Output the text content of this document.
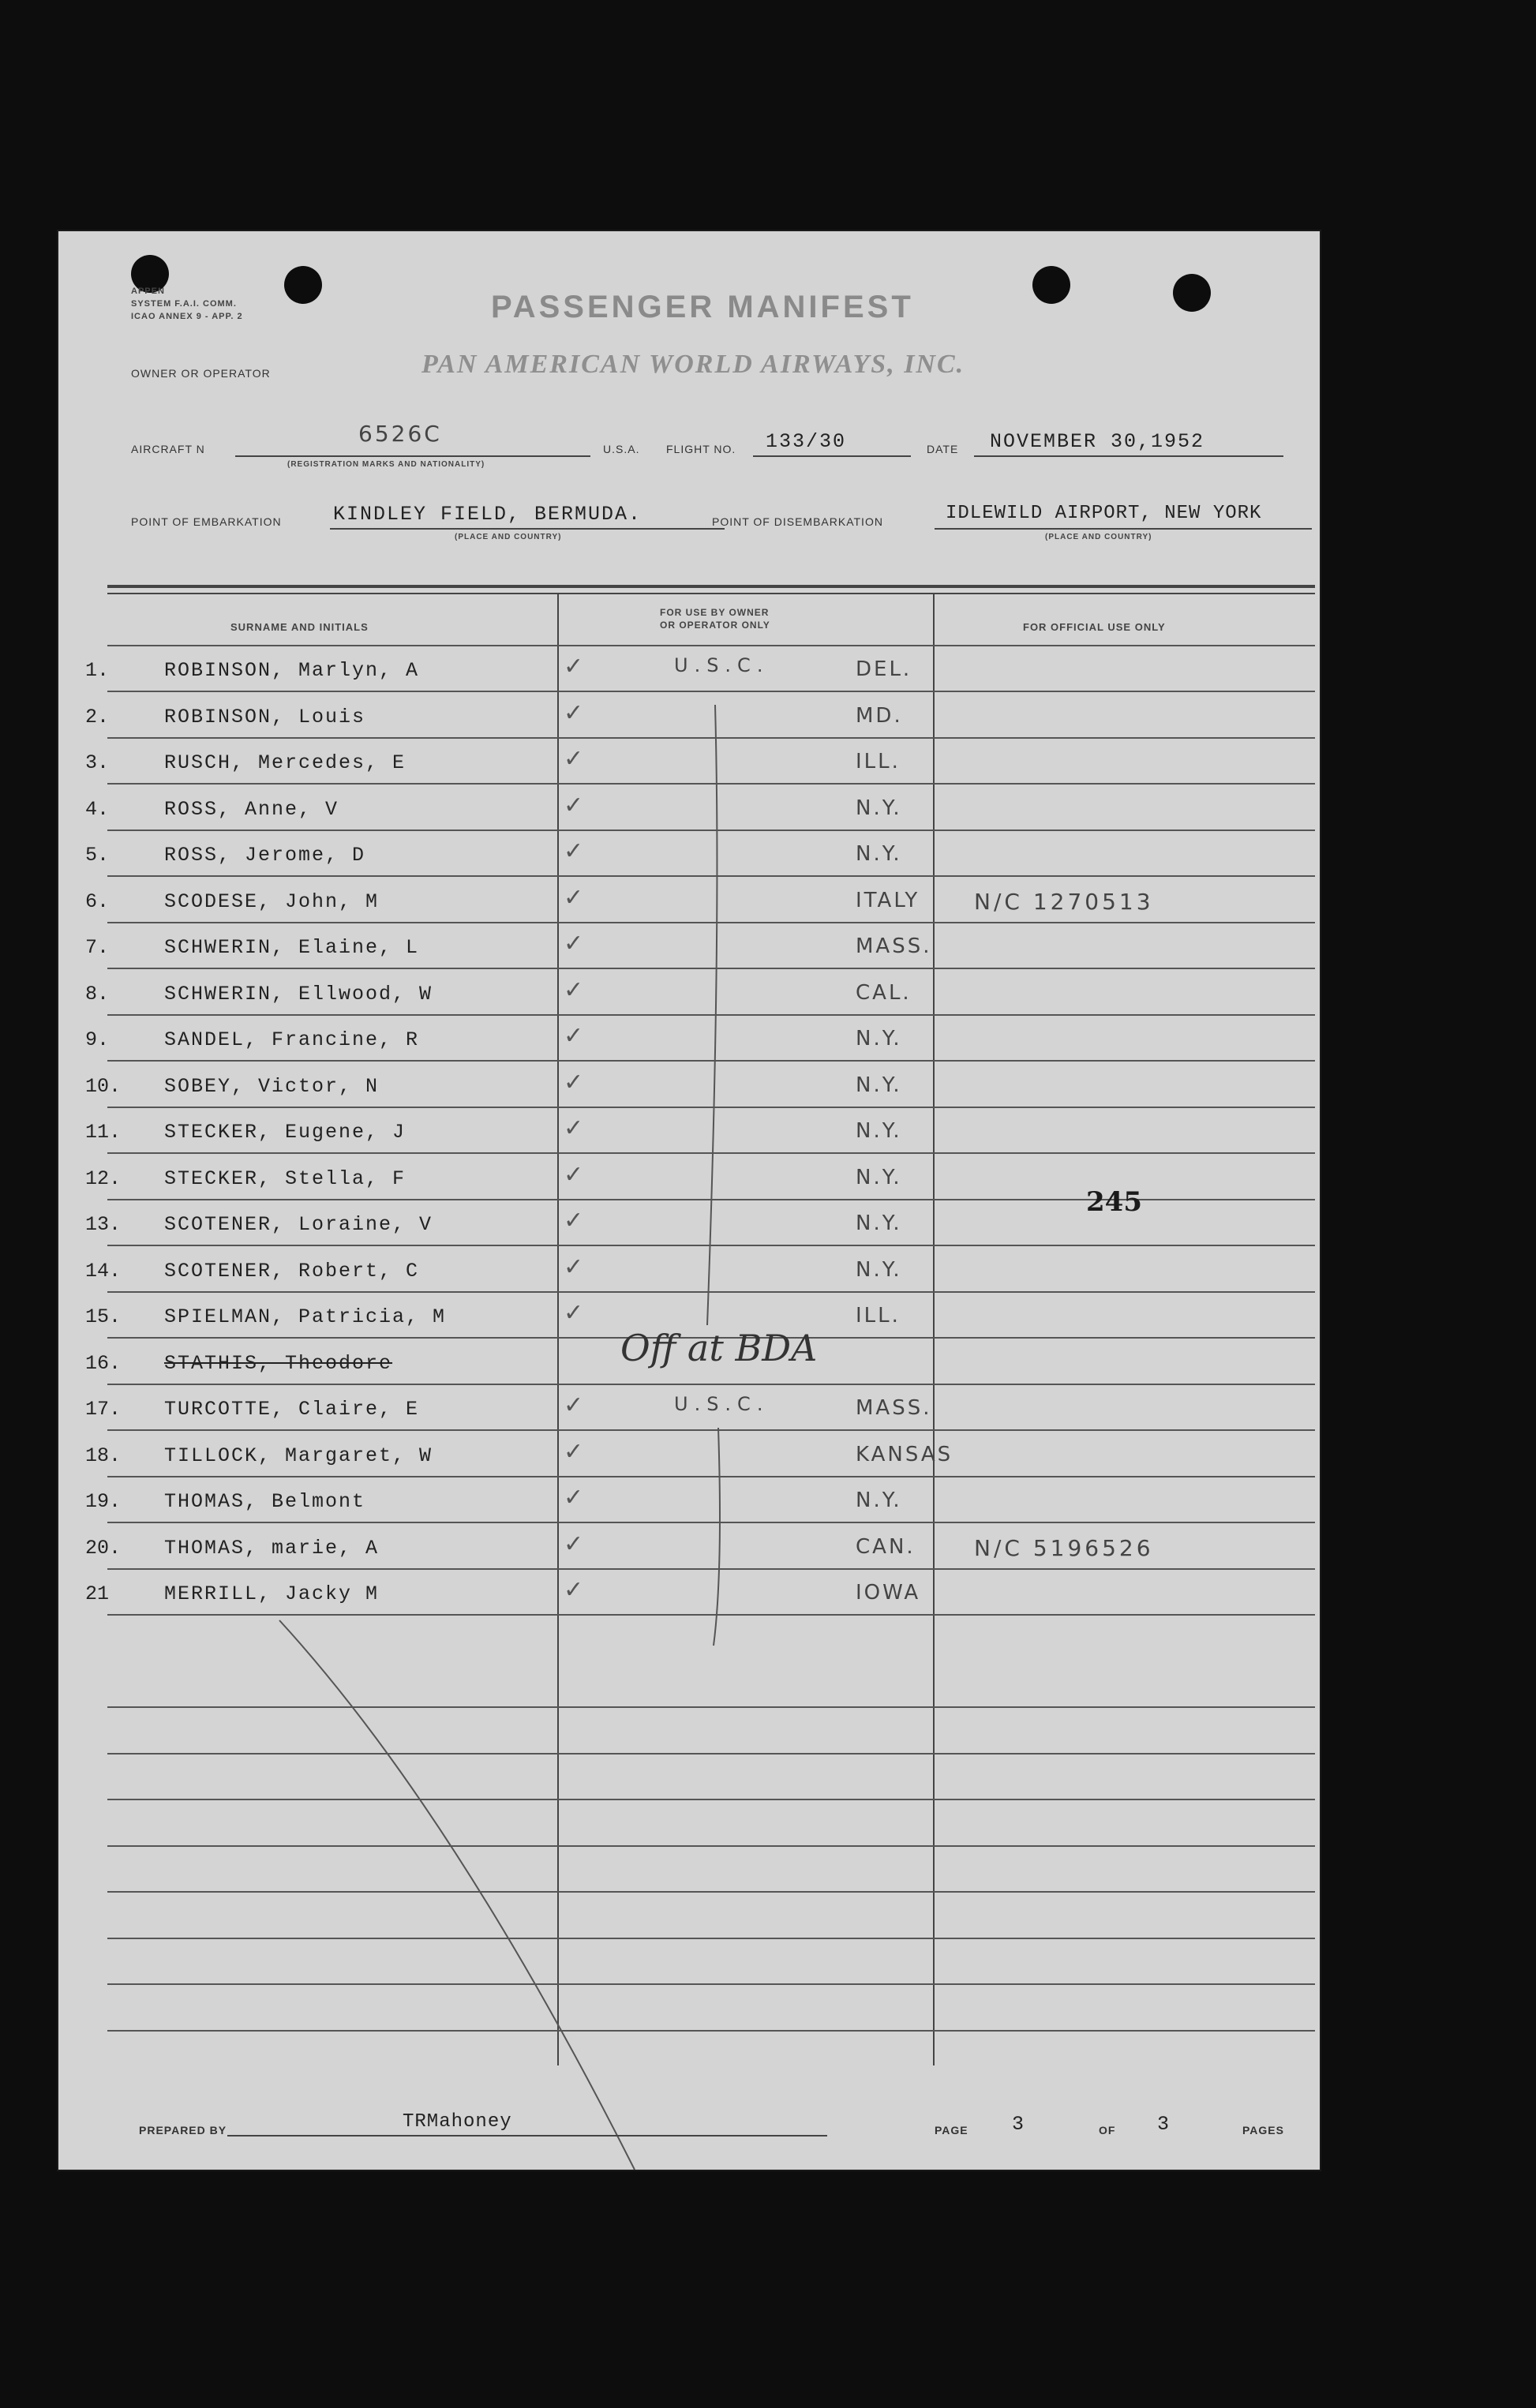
APPEN
SYSTEM F.A.I. COMM.
ICAO ANNEX 9 - APP. 2	PASSENGER MANIFEST
OWNER OR OPERATOR	PAN AMERICAN WORLD AIRWAYS, INC.
AIRCRAFT N
6526C
(REGISTRATION MARKS AND NATIONALITY)
U.S.A. FLIGHT NO. 133/30	DATE NOVEMBER 30,1952
POINT OF EMBARKATION	KINDLEY FIELD, BERMUDA.
(PLACE AND COUNTRY)
POINT OF DISEMBARKATION	IDLEWILD AIRPORT, NEW YORK
(PLACE AND COUNTRY)
SURNAME AND INITIALS
FOR USE BY OWNER
OR OPERATOR ONLY	FOR OFFICIAL USE ONLY
1.	ROBINSON, Marlyn, A	✓	U.S.C.	DEL.
2.	ROBINSON, Louis	✓	MD.
3.	RUSCH, Mercedes, E	✓	ILL.
4.	ROSS, Anne, V	✓	N.Y.
5.	ROSS, Jerome, D	✓	N.Y.
6.	SCODESE, John, M	✓	ITALY N/C 1270513
7.	SCHWERIN, Elaine, L	✓	MASS.
8.	SCHWERIN, Ellwood, W	✓	CAL.
9.	SANDEL, Francine, R	✓	N.Y.
10. SOBEY, Victor, N	✓	N.Y.
11. STECKER, Eugene, J	✓	N.Y.
12. STECKER, Stella, F	✓	N.Y.
13. SCOTENER, Loraine, V	✓	N.Y.
14. SCOTENER, Robert, C	✓	N.Y.
15. SPIELMAN, Patricia, M	✓	ILL.
16. STATHIS, Theodore
17. TURCOTTE, Claire, E	✓	U.S.C.	MASS.
18. TILLOCK, Margaret, W	✓	KANSAS
19. THOMAS, Belmont	✓	N.Y.
20. THOMAS, marie, A	✓	CAN.	N/C 5196526
21	MERRILL, Jacky M	✓	IOWA
245
Off at BDA
PREPARED BY	TRMahoney	PAGE 3	OF 3	PAGES
